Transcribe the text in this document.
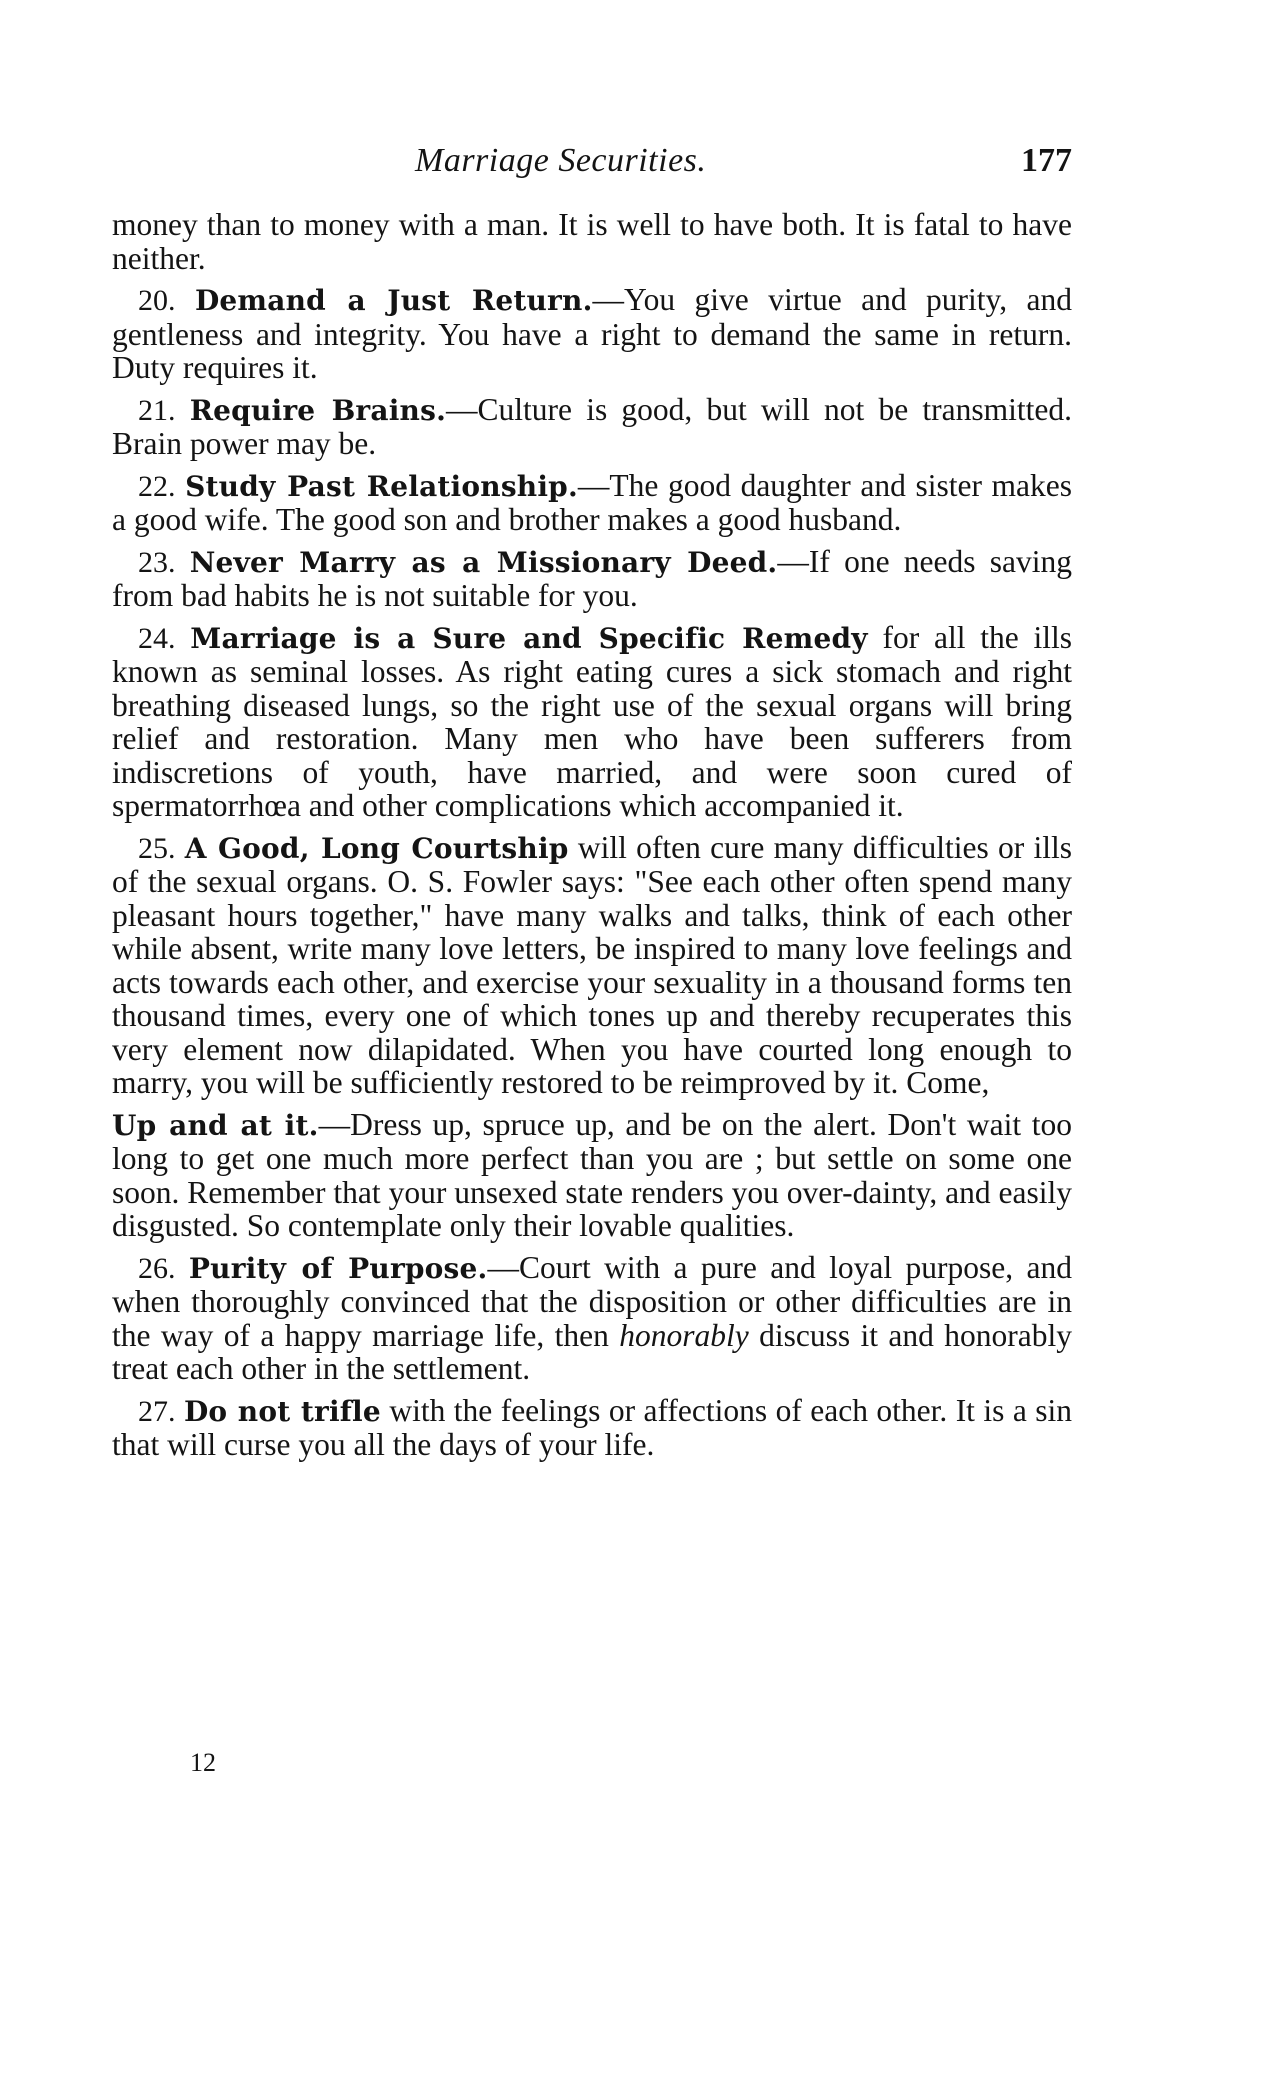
Marriage Securities.	177

money than to money with a man. It is well to have both. It is fatal to have neither.

20. Demand a Just Return.—You give virtue and purity, and gentleness and integrity. You have a right to demand the same in return. Duty requires it.

21. Require Brains.—Culture is good, but will not be transmitted. Brain power may be.

22. Study Past Relationship.—The good daughter and sister makes a good wife. The good son and brother makes a good husband.

23. Never Marry as a Missionary Deed.—If one needs saving from bad habits he is not suitable for you.

24. Marriage is a Sure and Specific Remedy for all the ills known as seminal losses. As right eating cures a sick stomach and right breathing diseased lungs, so the right use of the sexual organs will bring relief and restoration. Many men who have been sufferers from indiscretions of youth, have married, and were soon cured of spermatorrhœa and other complications which accompanied it.

25. A Good, Long Courtship will often cure many difficulties or ills of the sexual organs. O. S. Fowler says: "See each other often spend many pleasant hours together," have many walks and talks, think of each other while absent, write many love letters, be inspired to many love feelings and acts towards each other, and exercise your sexuality in a thousand forms ten thousand times, every one of which tones up and thereby recuperates this very element now dilapidated. When you have courted long enough to marry, you will be sufficiently restored to be reimproved by it. Come,

Up and at it.—Dress up, spruce up, and be on the alert. Don't wait too long to get one much more perfect than you are ; but settle on some one soon. Remember that your unsexed state renders you over-dainty, and easily disgusted. So contemplate only their lovable qualities.

26. Purity of Purpose.—Court with a pure and loyal purpose, and when thoroughly convinced that the disposition or other difficulties are in the way of a happy marriage life, then honorably discuss it and honorably treat each other in the settlement.

27. Do not trifle with the feelings or affections of each other. It is a sin that will curse you all the days of your life.

12
